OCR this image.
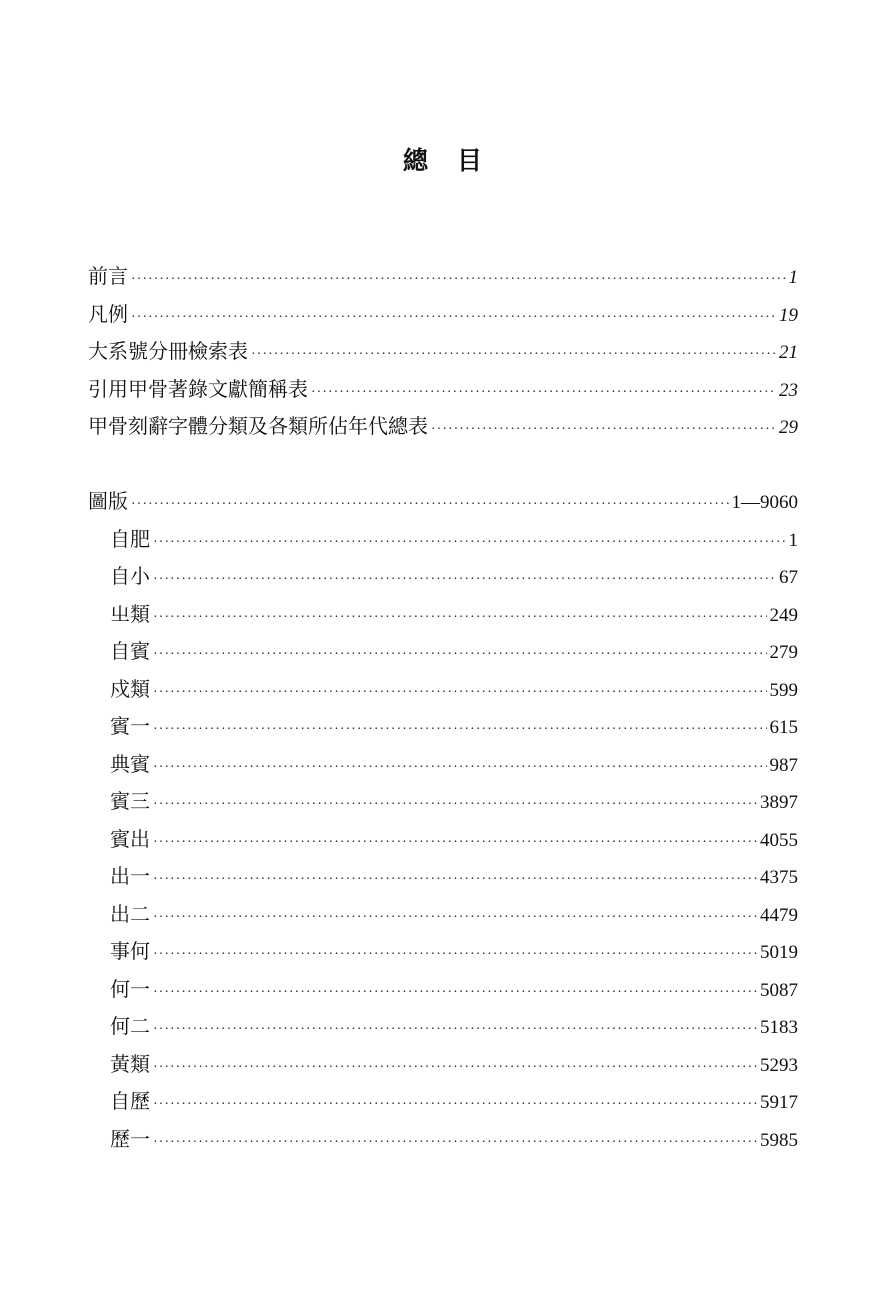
總　目
前言 ·····	1
凡例 ·····	19
大系號分冊檢索表 ·····	21
引用甲骨著錄文獻簡稱表 ·····	23
甲骨刻辭字體分類及各類所佔年代總表 ·····	29
圖版 ·····	1—9060
自肥 ·····	1
自小 ·····	67
㞢類 ·····	249
自賓 ·····	279
戍類 ·····	599
賓一 ·····	615
典賓 ·····	987
賓三 ·····	3897
賓出 ·····	4055
出一 ·····	4375
出二 ·····	4479
事何 ·····	5019
何一 ·····	5087
何二 ·····	5183
黃類 ·····	5293
自歷 ·····	5917
歷一 ·····	5985
